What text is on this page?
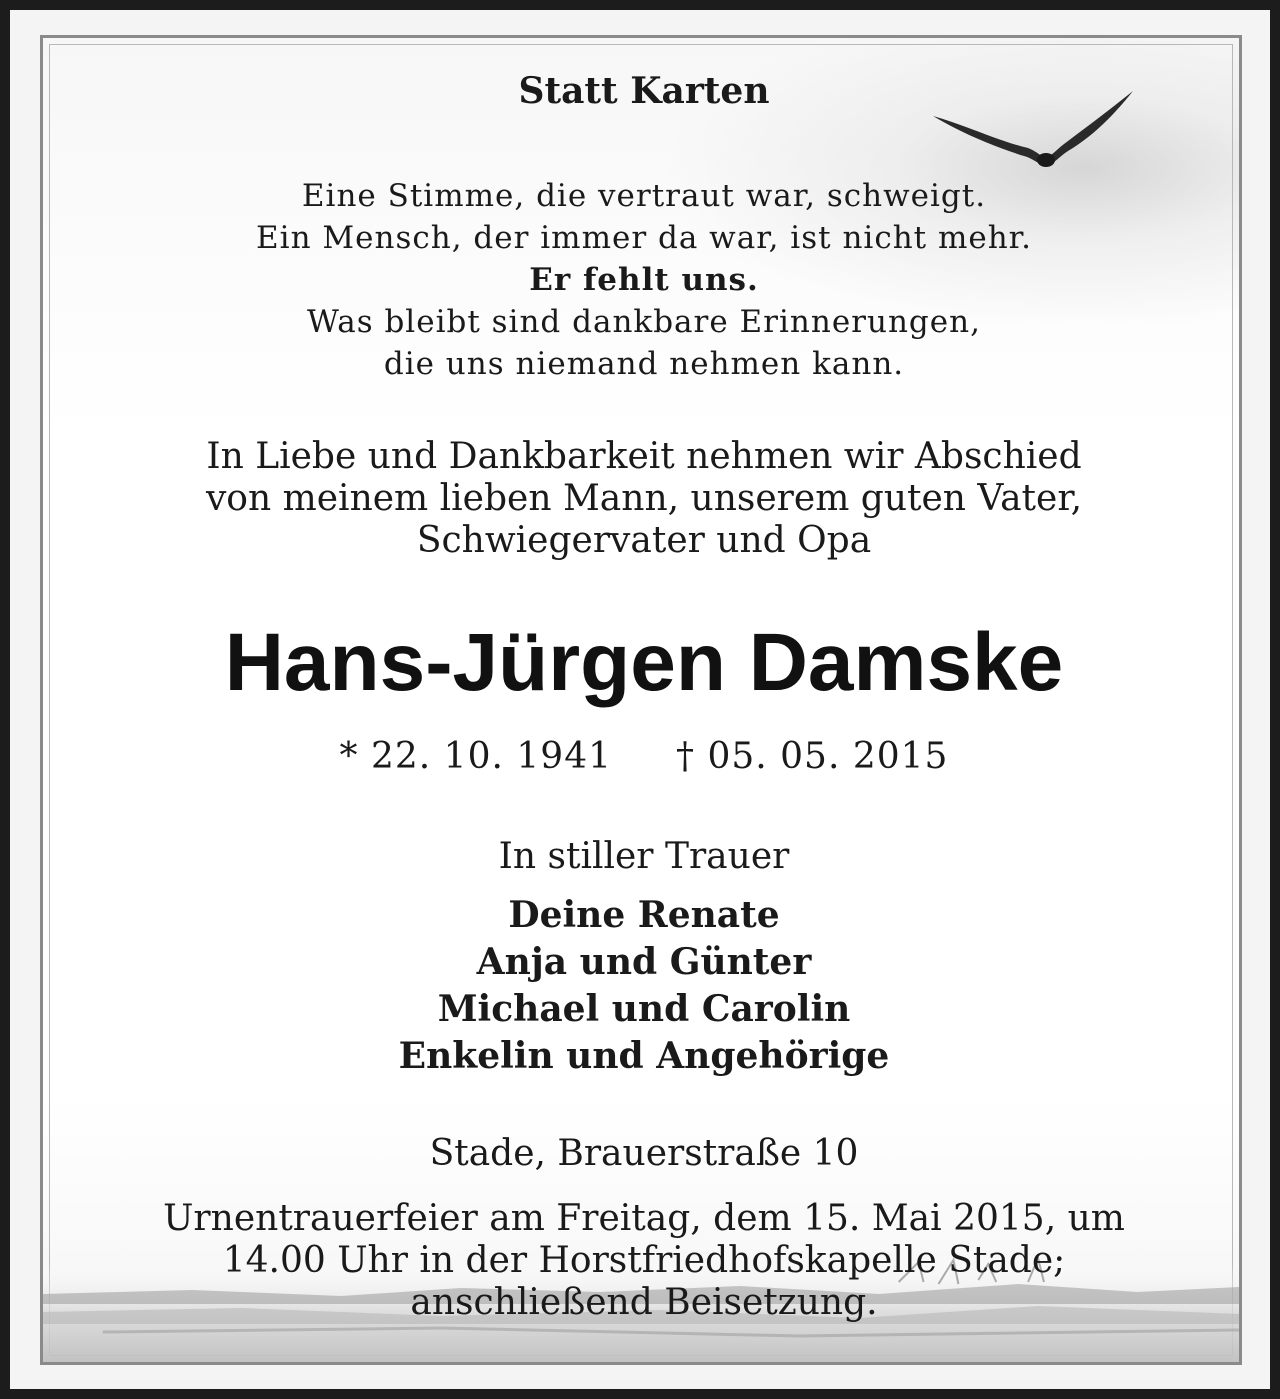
Statt Karten
Eine Stimme, die vertraut war, schweigt.
Ein Mensch, der immer da war, ist nicht mehr.
Er fehlt uns.
Was bleibt sind dankbare Erinnerungen,
die uns niemand nehmen kann.
In Liebe und Dankbarkeit nehmen wir Abschied
von meinem lieben Mann, unserem guten Vater,
Schwiegervater und Opa
Hans-Jürgen Damske
* 22. 10. 1941 † 05. 05. 2015
In stiller Trauer
Deine Renate
Anja und Günter
Michael und Carolin
Enkelin und Angehörige
Stade, Brauerstraße 10
Urnentrauerfeier am Freitag, dem 15. Mai 2015, um
14.00 Uhr in der Horstfriedhofskapelle Stade;
anschließend Beisetzung.
